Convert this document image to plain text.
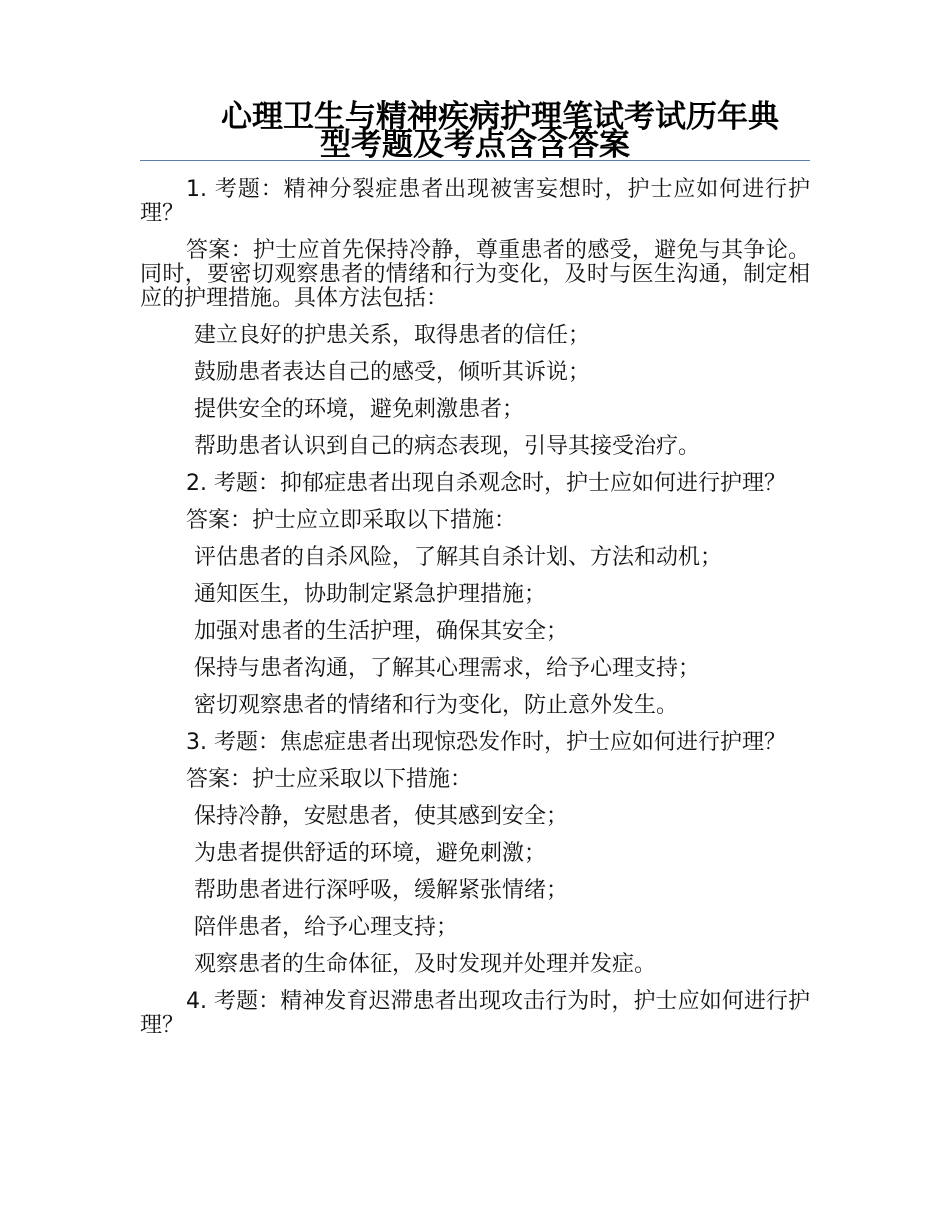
心理卫生与精神疾病护理笔试考试历年典
型考题及考点含含答案

1. 考题：精神分裂症患者出现被害妄想时，护士应如何进行护理？

答案：护士应首先保持冷静，尊重患者的感受，避免与其争论。同时，要密切观察患者的情绪和行为变化，及时与医生沟通，制定相应的护理措施。具体方法包括：

建立良好的护患关系，取得患者的信任；
鼓励患者表达自己的感受，倾听其诉说；
提供安全的环境，避免刺激患者；
帮助患者认识到自己的病态表现，引导其接受治疗。

2. 考题：抑郁症患者出现自杀观念时，护士应如何进行护理？

答案：护士应立即采取以下措施：

评估患者的自杀风险，了解其自杀计划、方法和动机；
通知医生，协助制定紧急护理措施；
加强对患者的生活护理，确保其安全；
保持与患者沟通，了解其心理需求，给予心理支持；
密切观察患者的情绪和行为变化，防止意外发生。

3. 考题：焦虑症患者出现惊恐发作时，护士应如何进行护理？

答案：护士应采取以下措施：

保持冷静，安慰患者，使其感到安全；
为患者提供舒适的环境，避免刺激；
帮助患者进行深呼吸，缓解紧张情绪；
陪伴患者，给予心理支持；
观察患者的生命体征，及时发现并处理并发症。

4. 考题：精神发育迟滞患者出现攻击行为时，护士应如何进行护理？
